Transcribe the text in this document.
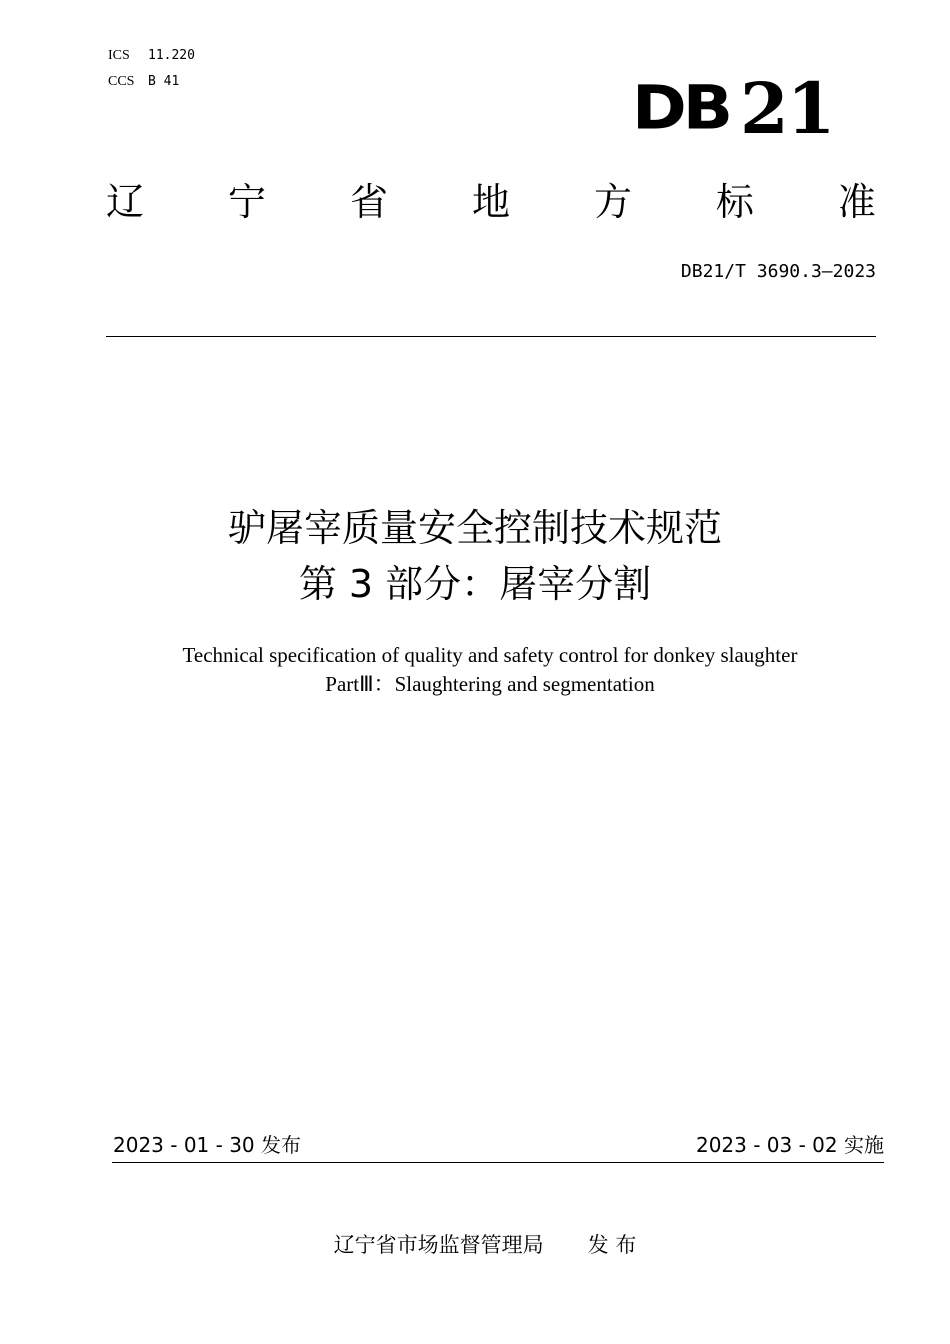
ICS 11.220
CCS B 41	DB 21
辽 宁 省 地 方 标 准
DB21/T 3690.3—2023
驴屠宰质量安全控制技术规范
第 3 部分：屠宰分割
Technical specification of quality and safety control for donkey slaughter
PartⅢ：Slaughtering and segmentation
2023 - 01 - 30 发布	2023 - 03 - 02 实施
辽宁省市场监督管理局 发 布
